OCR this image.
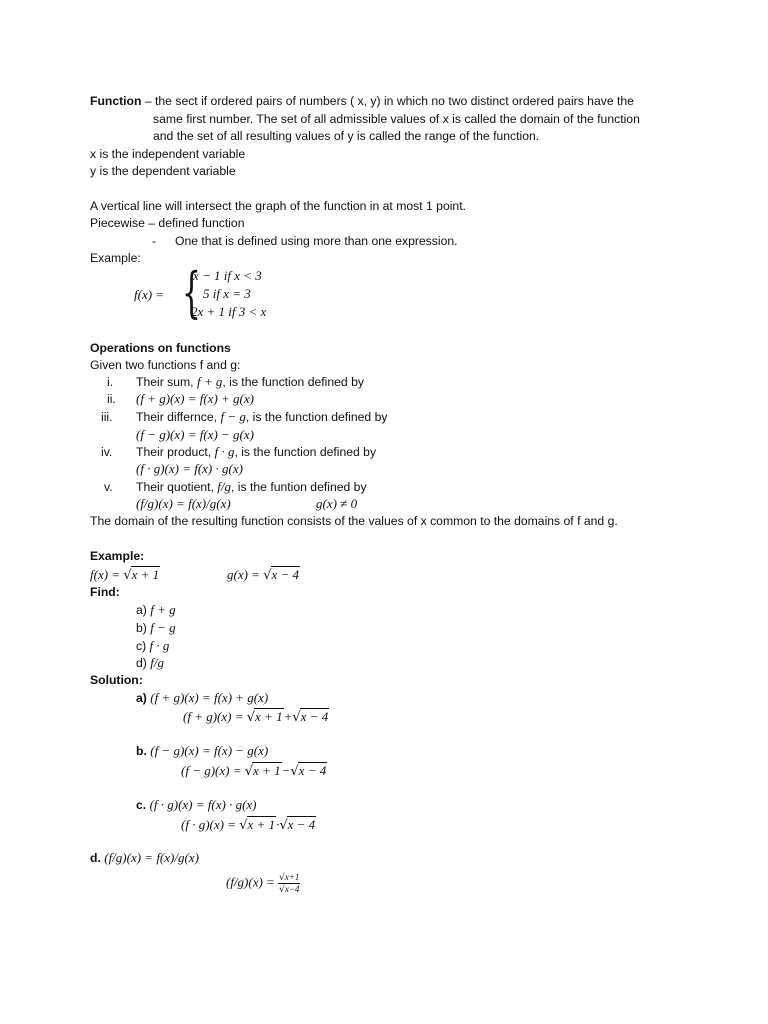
Function – the sect if ordered pairs of numbers ( x, y) in which no two distinct ordered pairs have the
same first number. The set of all admissible values of x is called the domain of the function
and the set of all resulting values of y is called the range of the function.
x is the independent variable
y is the dependent variable
A vertical line will intersect the graph of the function in at most 1 point.
Piecewise – defined function
- One that is defined using more than one expression.
Example:
f(x) = {
x − 1 if x < 3
5 if x = 3
2x + 1 if 3 < x
Operations on functions
Given two functions f and g:
i. Their sum, f + g, is the function defined by
ii. (f + g)(x) = f(x) + g(x)
iii. Their differnce, f − g, is the function defined by
(f − g)(x) = f(x) − g(x)
iv. Their product, f · g, is the function defined by
(f · g)(x) = f(x) · g(x)
v. Their quotient, f/g, is the funtion defined by
(f/g)(x) = f(x)/g(x)	g(x) ≠ 0
The domain of the resulting function consists of the values of x common to the domains of f and g.
Example:
f(x) = √x + 1	g(x) = √x − 4
Find:
a) f + g
b) f − g
c) f · g
d) f/g
Solution:
a) (f + g)(x) = f(x) + g(x)
(f + g)(x) = √x + 1+√x − 4
b. (f − g)(x) = f(x) − g(x)
(f − g)(x) = √x + 1−√x − 4
c. (f · g)(x) = f(x) · g(x)
(f · g)(x) = √x + 1·√x − 4
d. (f/g)(x) = f(x)/g(x)
$(f/g)(x) = \frac{√x+1}{√x-4}$
